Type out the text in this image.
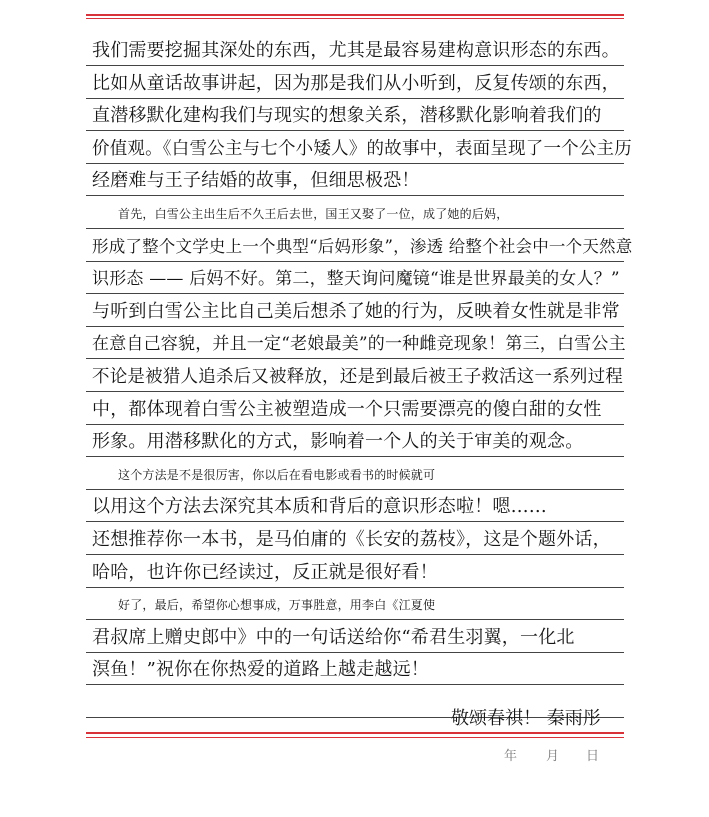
我们需要挖掘其深处的东西，尤其是最容易建构意识形态的东西。
比如从童话故事讲起，因为那是我们从小听到，反复传颂的东西，
直潜移默化建构我们与现实的想象关系，潜移默化影响着我们的
价值观。《白雪公主与七个小矮人》的故事中，表面呈现了一个公主历
经磨难与王子结婚的故事，但细思极恐！
首先，白雪公主出生后不久王后去世，国王又娶了一位，成了她的后妈，
形成了整个文学史上一个典型“后妈形象”，渗透 给整个社会中一个天然意
识形态 —— 后妈不好。第二，整天询问魔镜“谁是世界最美的女人？”
与听到白雪公主比自己美后想杀了她的行为，反映着女性就是非常
在意自己容貌，并且一定“老娘最美”的一种雌竞现象！第三，白雪公主
不论是被猎人追杀后又被释放，还是到最后被王子救活这一系列过程
中，都体现着白雪公主被塑造成一个只需要漂亮的傻白甜的女性
形象。用潜移默化的方式，影响着一个人的关于审美的观念。
这个方法是不是很厉害，你以后在看电影或看书的时候就可
以用这个方法去深究其本质和背后的意识形态啦！嗯……
还想推荐你一本书，是马伯庸的《长安的荔枝》，这是个题外话，
哈哈，也许你已经读过，反正就是很好看！
好了，最后，希望你心想事成，万事胜意，用李白《江夏使
君叔席上赠史郎中》中的一句话送给你“希君生羽翼，一化北
溟鱼！”祝你在你热爱的道路上越走越远！
敬颂春祺！ 秦雨彤
年 月 日
